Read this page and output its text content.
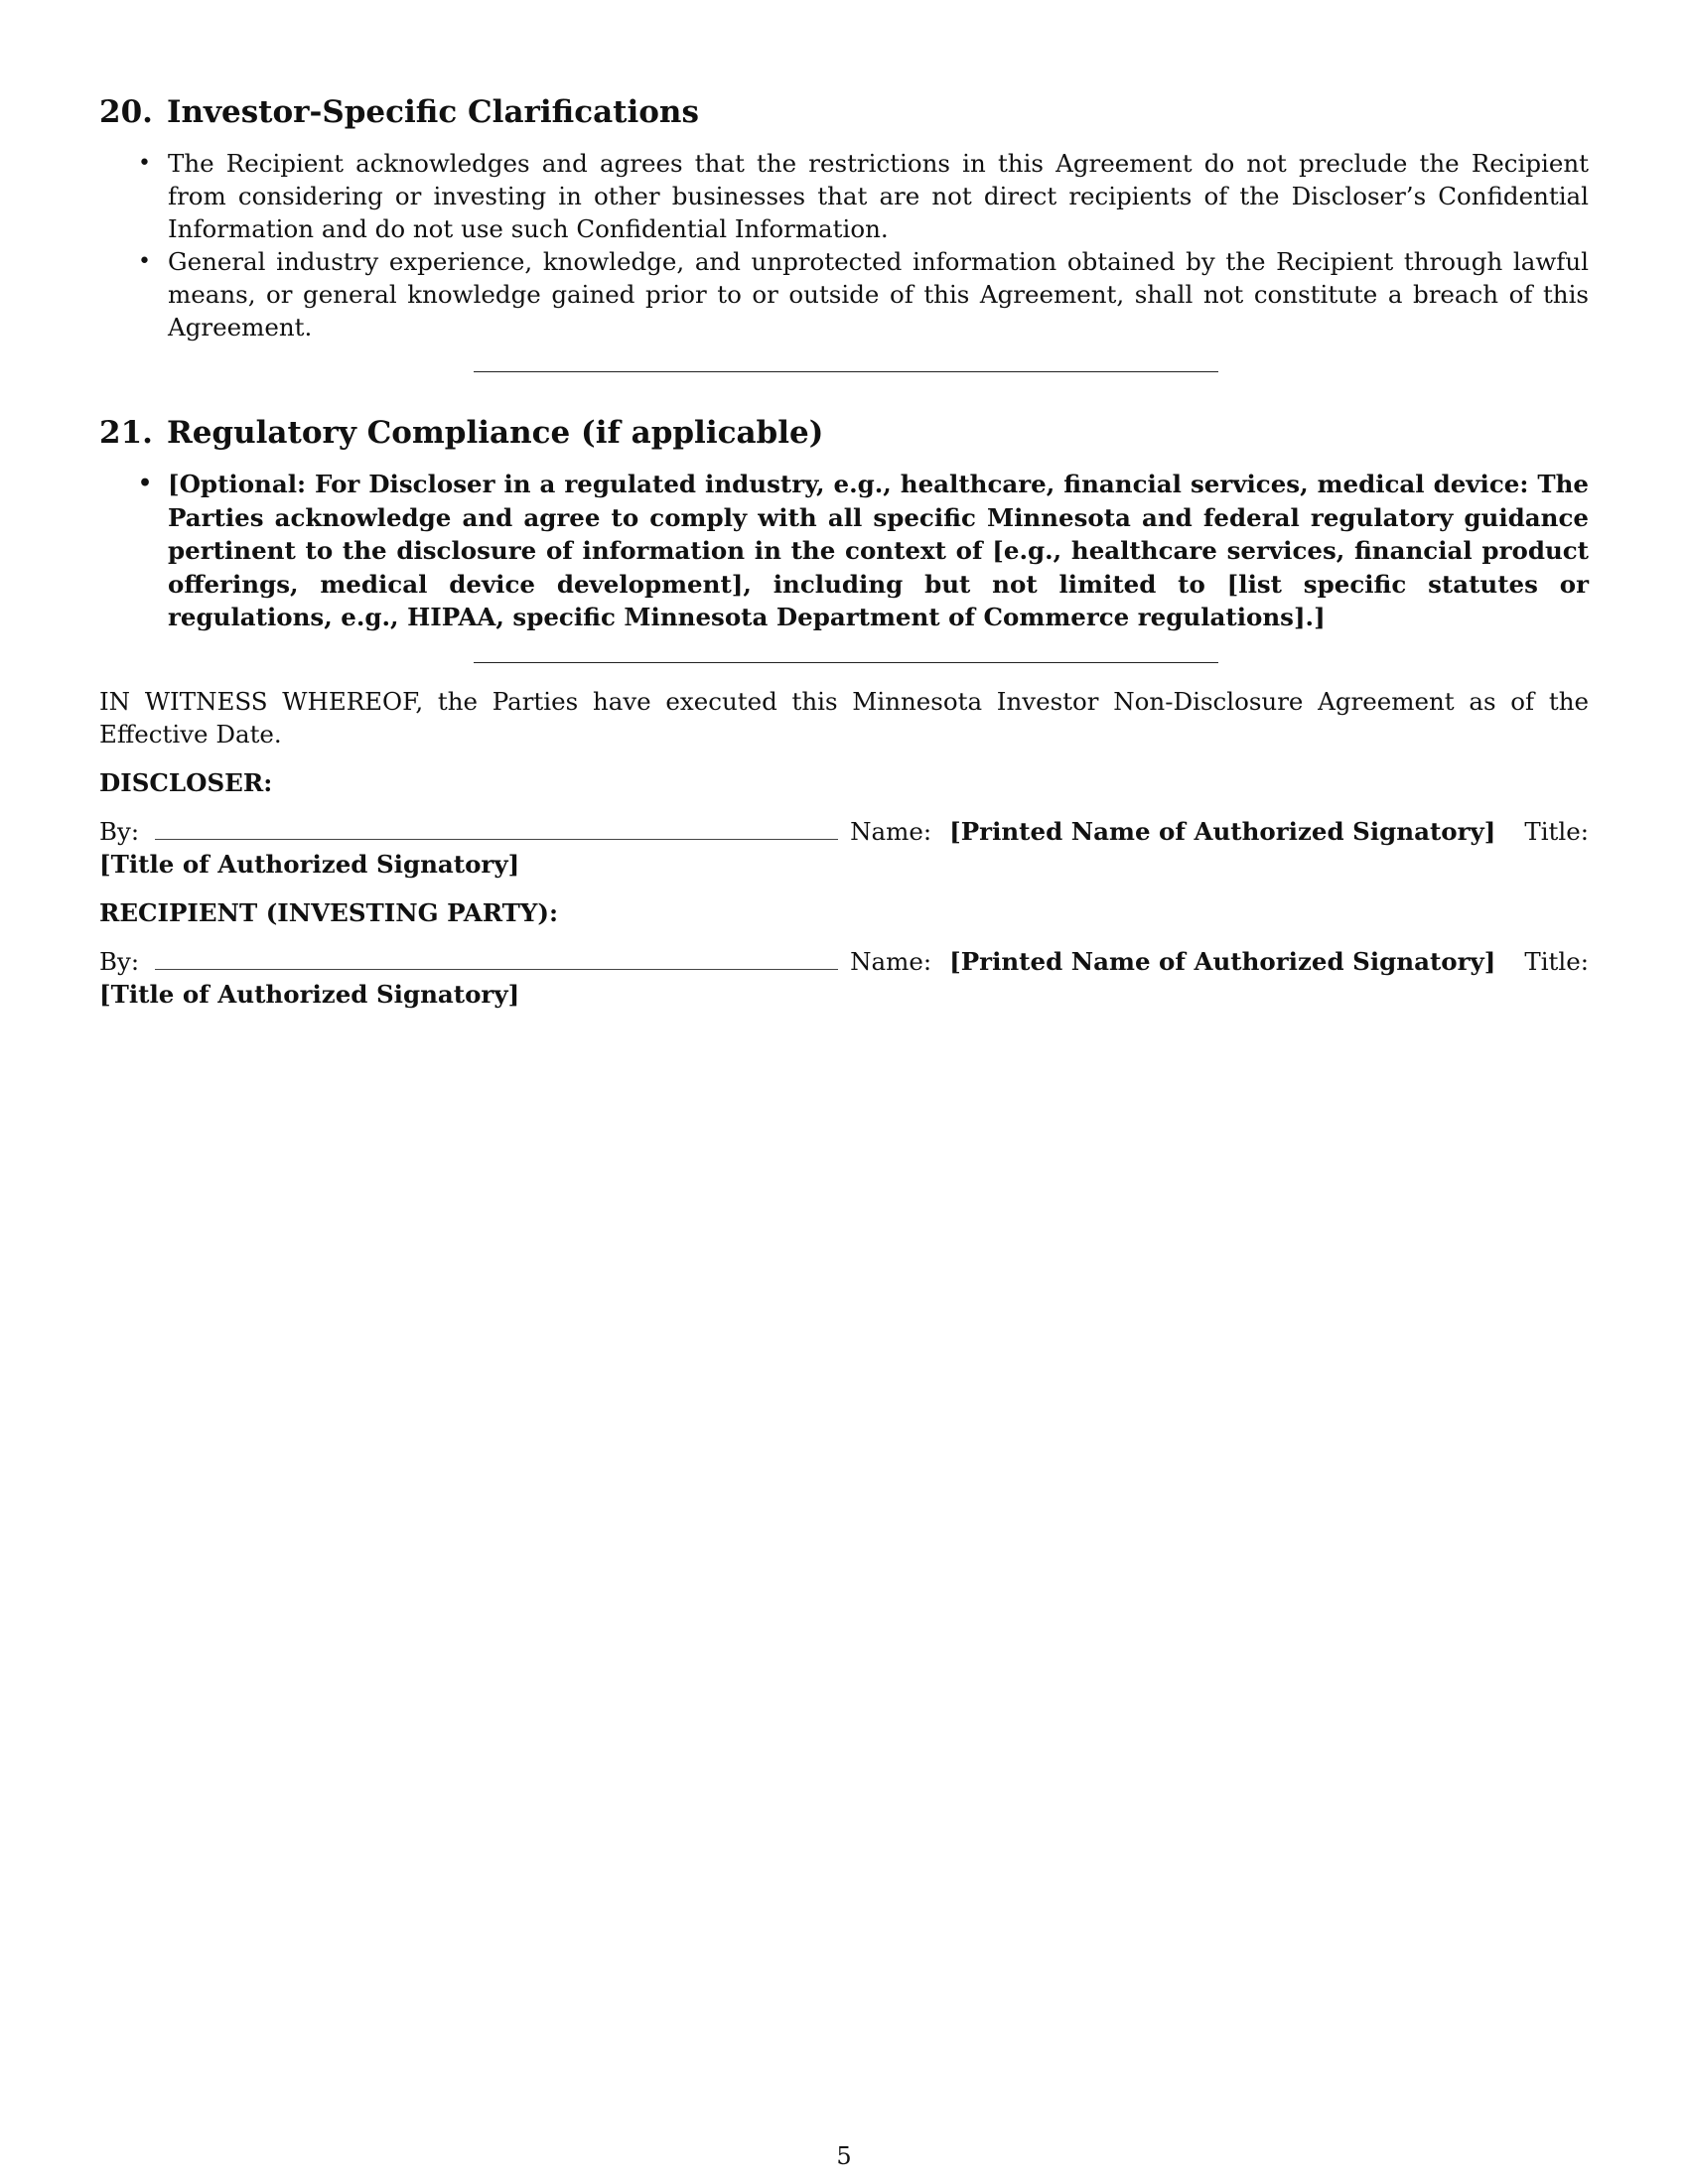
20. Investor-Specific Clarifications
• The Recipient acknowledges and agrees that the restrictions in this Agreement do not preclude the Recipient from considering or investing in other businesses that are not direct recipients of the Discloser’s Confidential Information and do not use such Confidential Information.
• General industry experience, knowledge, and unprotected information obtained by the Recipient through lawful means, or general knowledge gained prior to or outside of this Agreement, shall not constitute a breach of this Agreement.
21. Regulatory Compliance (if applicable)
• [Optional: For Discloser in a regulated industry, e.g., healthcare, financial services, medical device: The Parties acknowledge and agree to comply with all specific Minnesota and federal regulatory guidance pertinent to the disclosure of information in the context of [e.g., healthcare services, financial product offerings, medical device development], including but not limited to [list specific statutes or regulations, e.g., HIPAA, specific Minnesota Department of Commerce regulations].]

IN WITNESS WHEREOF, the Parties have executed this Minnesota Investor Non-Disclosure Agreement as of the Effective Date.

DISCLOSER:

By:	Name: [Printed Name of Authorized Signatory] Title:
[Title of Authorized Signatory]

RECIPIENT (INVESTING PARTY):

By:	Name: [Printed Name of Authorized Signatory] Title:
[Title of Authorized Signatory]
5
